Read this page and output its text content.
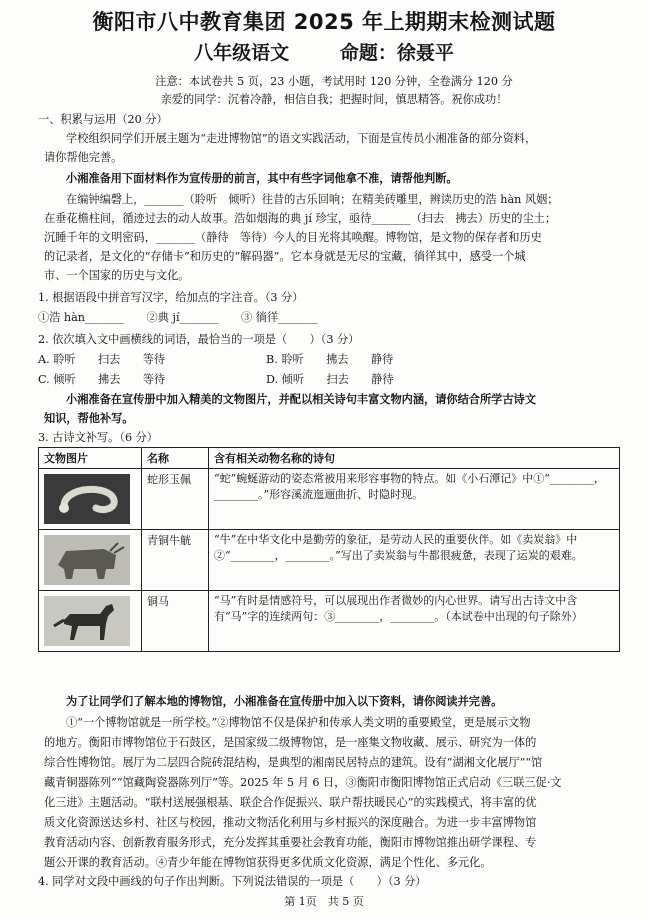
衡阳市八中教育集团 2025 年上期期末检测试题
八年级语文	命题：徐聂平
注意：本试卷共 5 页，23 小题，考试用时 120 分钟，全卷满分 120 分
亲爱的同学：沉着冷静，相信自我；把握时间，慎思精答。祝你成功！
一、积累与运用（20 分）
学校组织同学们开展主题为“走进博物馆”的语文实践活动，下面是宣传员小湘准备的部分资料，
请你帮他完善。
小湘准备用下面材料作为宣传册的前言，其中有些字词他拿不准，请帮他判断。
在编钟编磬上，_______（聆听　倾听）往昔的古乐回响；在精美砖雕里，辨读历史的浩 hàn 风姻；
在垂花檐柱间，循迹过去的动人故事。浩如烟海的典 jí 珍宝，亟待_______（扫去　拂去）历史的尘土；
沉睡千年的文明密码，_______（静待　等待）今人的目光将其唤醒。博物馆，是文物的保存者和历史
的记录者，是文化的“存储卡”和历史的“解码器”。它本身就是无尽的宝藏，徜徉其中，感受一个城
市、一个国家的历史与文化。
1. 根据语段中拼音写汉字，给加点的字注音。（3 分）
①浩 hàn_______　　②典 jí_______　　③ 徜徉_______
2. 依次填入文中画横线的词语，最恰当的一项是（　　）（3 分）
A. 聆听　　扫去　　等待	B. 聆听　　拂去　　静待
C. 倾听　　拂去　　等待	D. 倾听　　扫去　　静待
小湘准备在宣传册中加入精美的文物图片，并配以相关诗句丰富文物内涵，请你结合所学古诗文
知识，帮他补写。
3. 古诗文补写。（6 分）
文物图片	名称	含有相关动物名称的诗句

	蛇形玉佩	“蛇”蜿蜒游动的姿态常被用来形容事物的特点。如《小石潭记》中①“________，________。”形容溪流迤逦曲折、时隐时现。

	青铜牛觥	“牛”在中华文化中是勤劳的象征，是劳动人民的重要伙伴。如《卖炭翁》中②“________，________。”写出了卖炭翁与牛都很疲惫，表现了运炭的艰难。

	铜马	“马”有时是情感符号，可以展现出作者微妙的内心世界。请写出古诗文中含有“马”字的连续两句：③________，________。（本试卷中出现的句子除外）
为了让同学们了解本地的博物馆，小湘准备在宣传册中加入以下资料，请你阅读并完善。
①“一个博物馆就是一所学校。”②博物馆不仅是保护和传承人类文明的重要殿堂，更是展示文物
的地方。衡阳市博物馆位于石鼓区，是国家级二级博物馆，是一座集文物收藏、展示、研究为一体的
综合性博物馆。展厅为二层四合院砖混结构，是典型的湘南民居特点的建筑。设有“湖湘文化展厅”“馆
藏青铜器陈列”“馆藏陶瓷器陈列厅”等。2025 年 5 月 6 日，③衡阳市衡阳博物馆正式启动《三联三促·文
化三进》主题活动。“联村送展强根基、联企合作促振兴、联户帮扶暖民心”的实践模式，将丰富的优
质文化资源送达乡村、社区与校园，推动文物活化利用与乡村振兴的深度融合。为进一步丰富博物馆
教育活动内容、创新教育服务形式，充分发挥其重要社会教育功能，衡阳市博物馆推出研学课程、专
题公开课的教育活动。④青少年能在博物馆获得更多优质文化资源，满足个性化、多元化。
4. 同学对文段中画线的句子作出判断。下列说法错误的一项是（　　）（3 分）
第 1页　共 5 页
